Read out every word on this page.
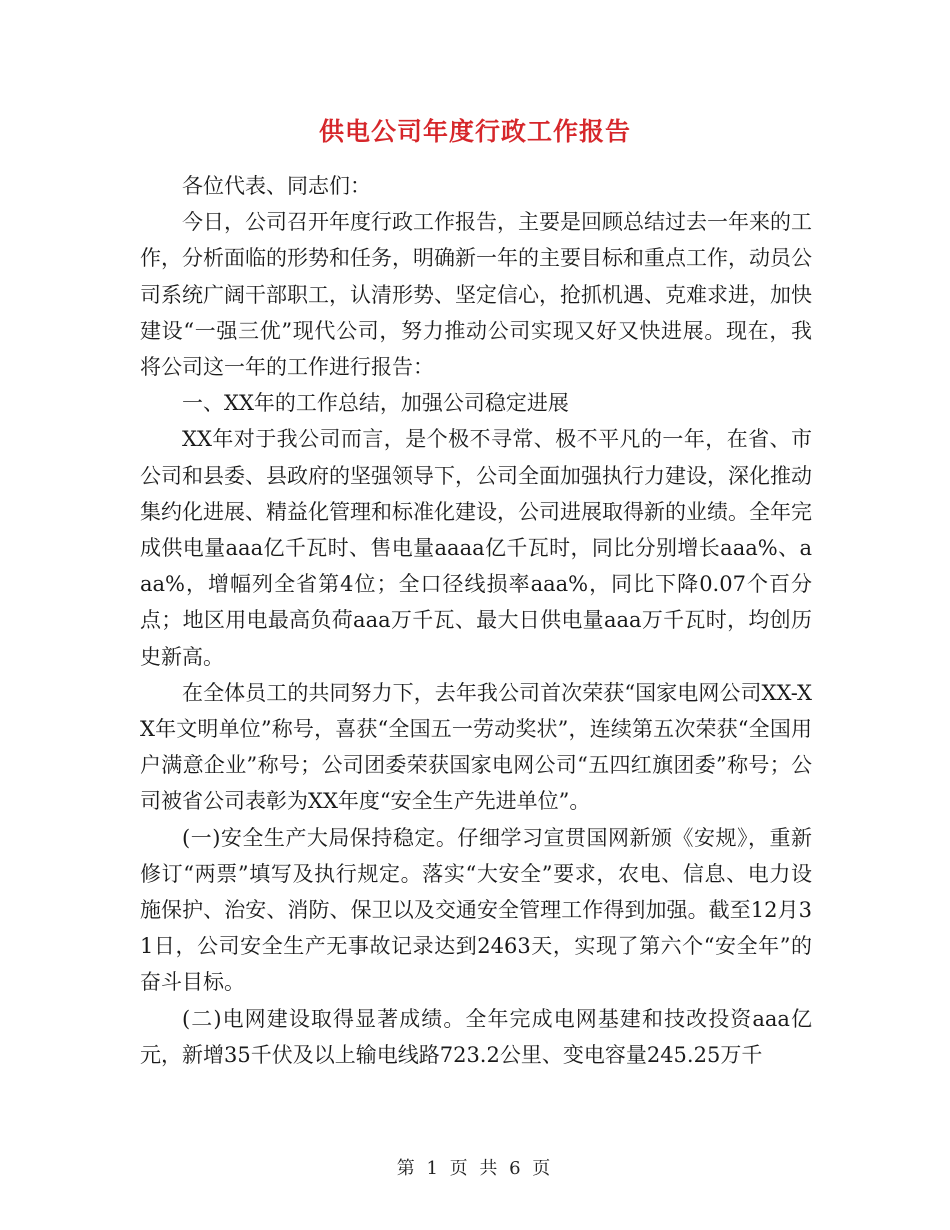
供电公司年度行政工作报告

各位代表、同志们：

今日，公司召开年度行政工作报告，主要是回顾总结过去一年来的工作，分析面临的形势和任务，明确新一年的主要目标和重点工作，动员公司系统广阔干部职工，认清形势、坚定信心，抢抓机遇、克难求进，加快建设“一强三优”现代公司，努力推动公司实现又好又快进展。现在，我将公司这一年的工作进行报告：

一、XX年的工作总结，加强公司稳定进展

XX年对于我公司而言，是个极不寻常、极不平凡的一年，在省、市公司和县委、县政府的坚强领导下，公司全面加强执行力建设，深化推动集约化进展、精益化管理和标准化建设，公司进展取得新的业绩。全年完成供电量aaa亿千瓦时、售电量aaaa亿千瓦时，同比分别增长aaa%、aaa%，增幅列全省第4位；全口径线损率aaa%，同比下降0.07个百分点；地区用电最高负荷aaa万千瓦、最大日供电量aaa万千瓦时，均创历史新高。

在全体员工的共同努力下，去年我公司首次荣获“国家电网公司XX-XX年文明单位”称号，喜获“全国五一劳动奖状”，连续第五次荣获“全国用户满意企业”称号；公司团委荣获国家电网公司“五四红旗团委”称号；公司被省公司表彰为XX年度“安全生产先进单位”。

(一)安全生产大局保持稳定。仔细学习宣贯国网新颁《安规》，重新修订“两票”填写及执行规定。落实“大安全”要求，农电、信息、电力设施保护、治安、消防、保卫以及交通安全管理工作得到加强。截至12月31日，公司安全生产无事故记录达到2463天，实现了第六个“安全年”的奋斗目标。

(二)电网建设取得显著成绩。全年完成电网基建和技改投资aaa亿元，新增35千伏及以上输电线路723.2公里、变电容量245.25万千

第 1 页 共 6 页
